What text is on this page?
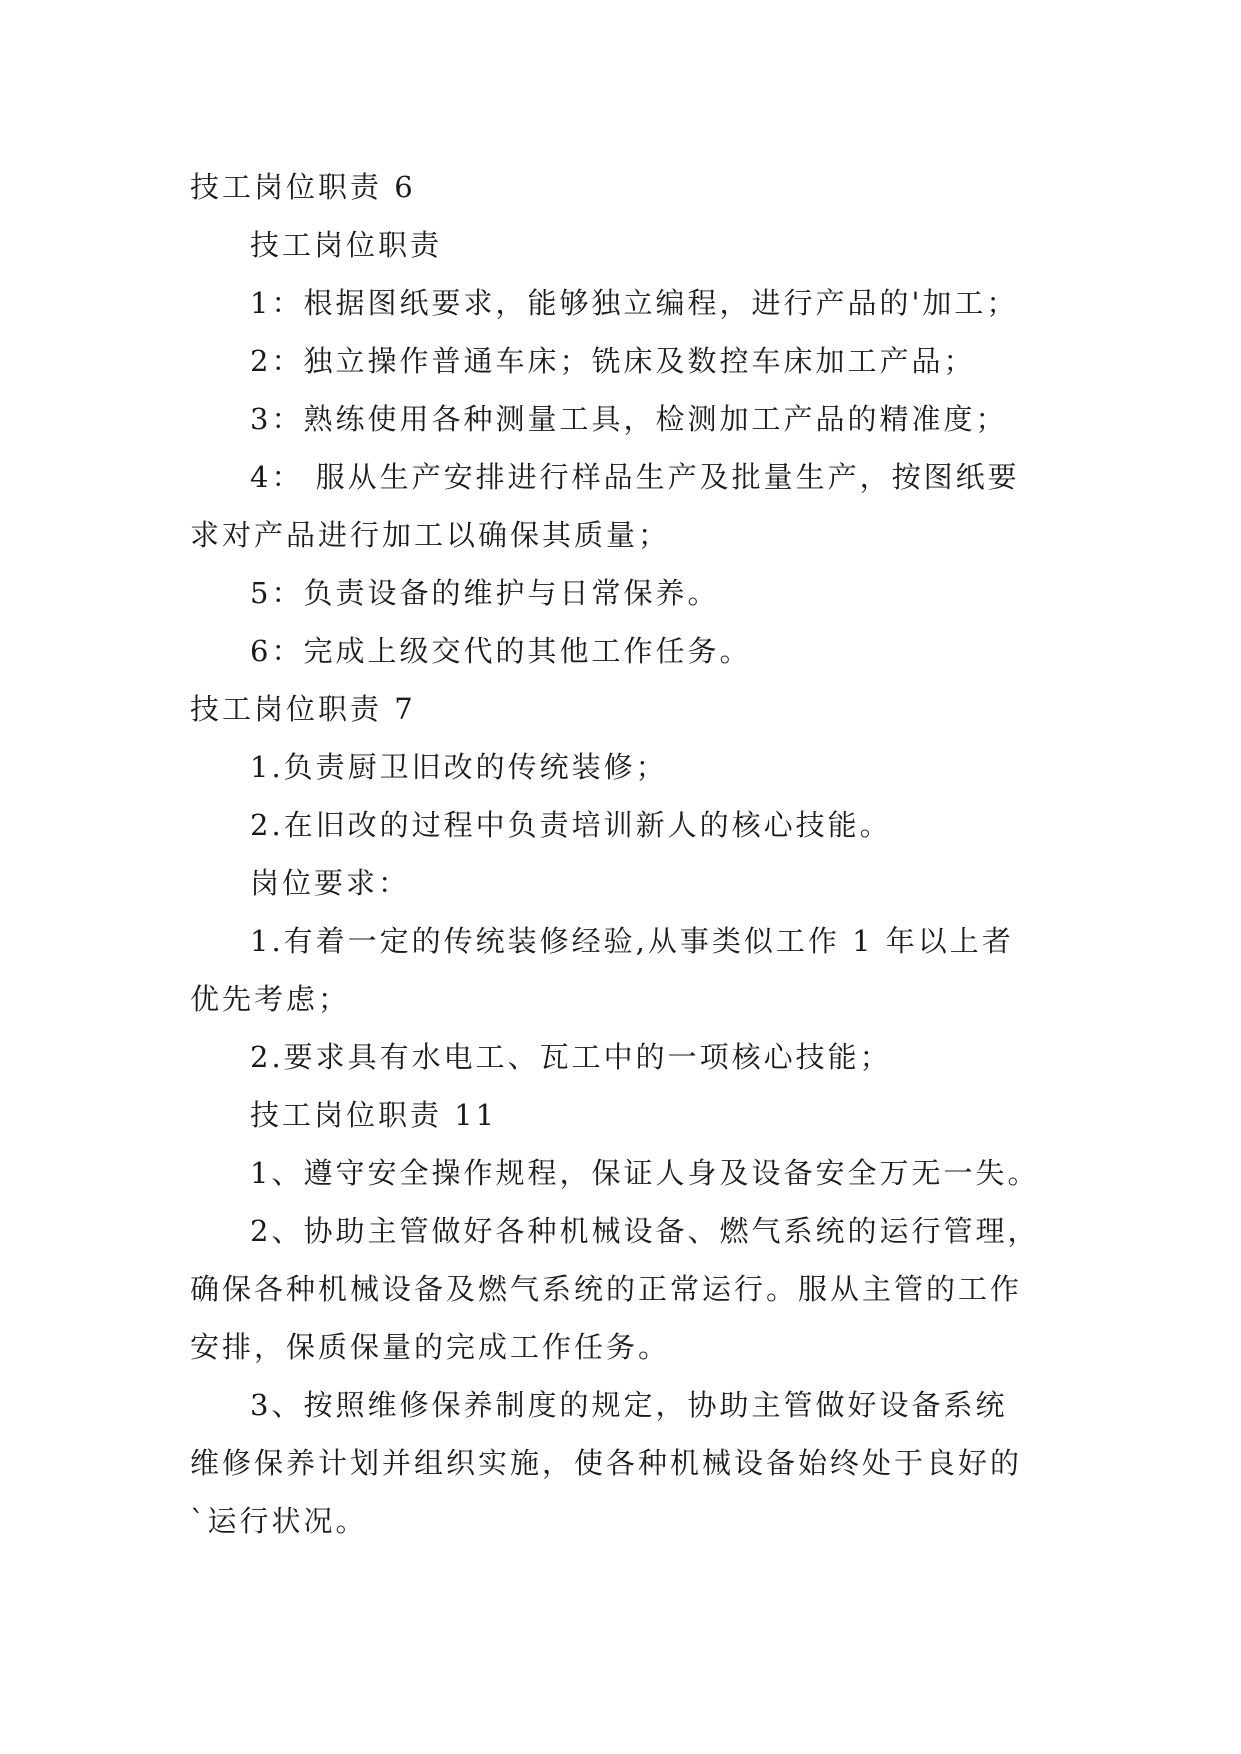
技工岗位职责 6
技工岗位职责
1：根据图纸要求，能够独立编程，进行产品的'加工；
2：独立操作普通车床；铣床及数控车床加工产品；
3：熟练使用各种测量工具，检测加工产品的精准度；
4： 服从生产安排进行样品生产及批量生产，按图纸要
求对产品进行加工以确保其质量；
5：负责设备的维护与日常保养。
6：完成上级交代的其他工作任务。
技工岗位职责 7
1.负责厨卫旧改的传统装修；
2.在旧改的过程中负责培训新人的核心技能。
岗位要求：
1.有着一定的传统装修经验,从事类似工作 1 年以上者
优先考虑；
2.要求具有水电工、瓦工中的一项核心技能；
技工岗位职责 11
1、遵守安全操作规程，保证人身及设备安全万无一失。
2、协助主管做好各种机械设备、燃气系统的运行管理，
确保各种机械设备及燃气系统的正常运行。服从主管的工作
安排，保质保量的完成工作任务。
3、按照维修保养制度的规定，协助主管做好设备系统
维修保养计划并组织实施，使各种机械设备始终处于良好的
`运行状况。
